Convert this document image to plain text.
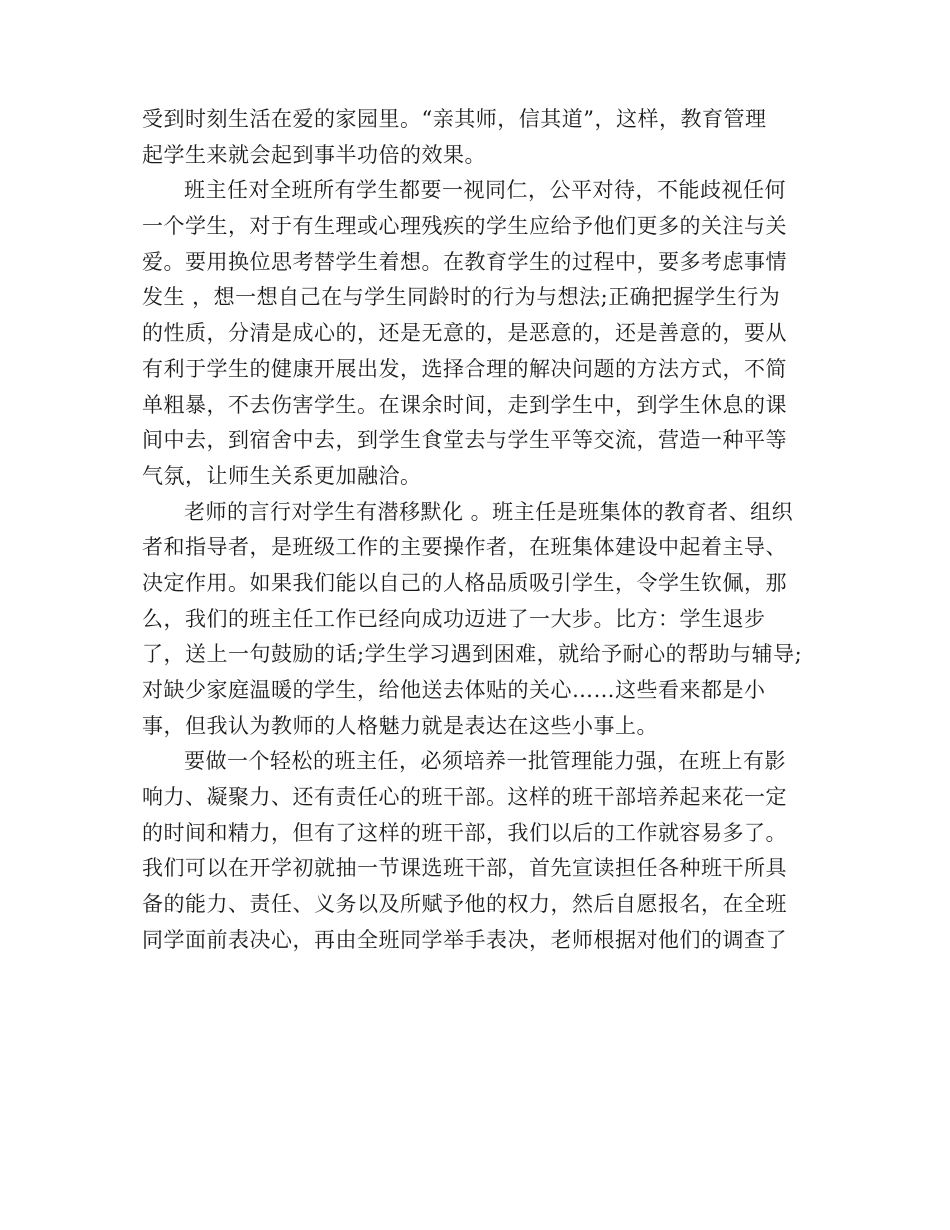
受到时刻生活在爱的家园里。“亲其师，信其道”，这样，教育管理
起学生来就会起到事半功倍的效果。
班主任对全班所有学生都要一视同仁，公平对待，不能歧视任何
一个学生，对于有生理或心理残疾的学生应给予他们更多的关注与关
爱。要用换位思考替学生着想。在教育学生的过程中，要多考虑事情
发生 ，想一想自己在与学生同龄时的行为与想法;正确把握学生行为
的性质，分清是成心的，还是无意的，是恶意的，还是善意的，要从
有利于学生的健康开展出发，选择合理的解决问题的方法方式，不简
单粗暴，不去伤害学生。在课余时间，走到学生中，到学生休息的课
间中去，到宿舍中去，到学生食堂去与学生平等交流，营造一种平等
气氛，让师生关系更加融洽。
老师的言行对学生有潜移默化 。班主任是班集体的教育者、组织
者和指导者，是班级工作的主要操作者，在班集体建设中起着主导、
决定作用。如果我们能以自己的人格品质吸引学生，令学生钦佩，那
么，我们的班主任工作已经向成功迈进了一大步。比方：学生退步
了，送上一句鼓励的话;学生学习遇到困难，就给予耐心的帮助与辅导;
对缺少家庭温暖的学生，给他送去体贴的关心……这些看来都是小
事，但我认为教师的人格魅力就是表达在这些小事上。
要做一个轻松的班主任，必须培养一批管理能力强，在班上有影
响力、凝聚力、还有责任心的班干部。这样的班干部培养起来花一定
的时间和精力，但有了这样的班干部，我们以后的工作就容易多了。
我们可以在开学初就抽一节课选班干部，首先宣读担任各种班干所具
备的能力、责任、义务以及所赋予他的权力，然后自愿报名，在全班
同学面前表决心，再由全班同学举手表决，老师根据对他们的调查了
